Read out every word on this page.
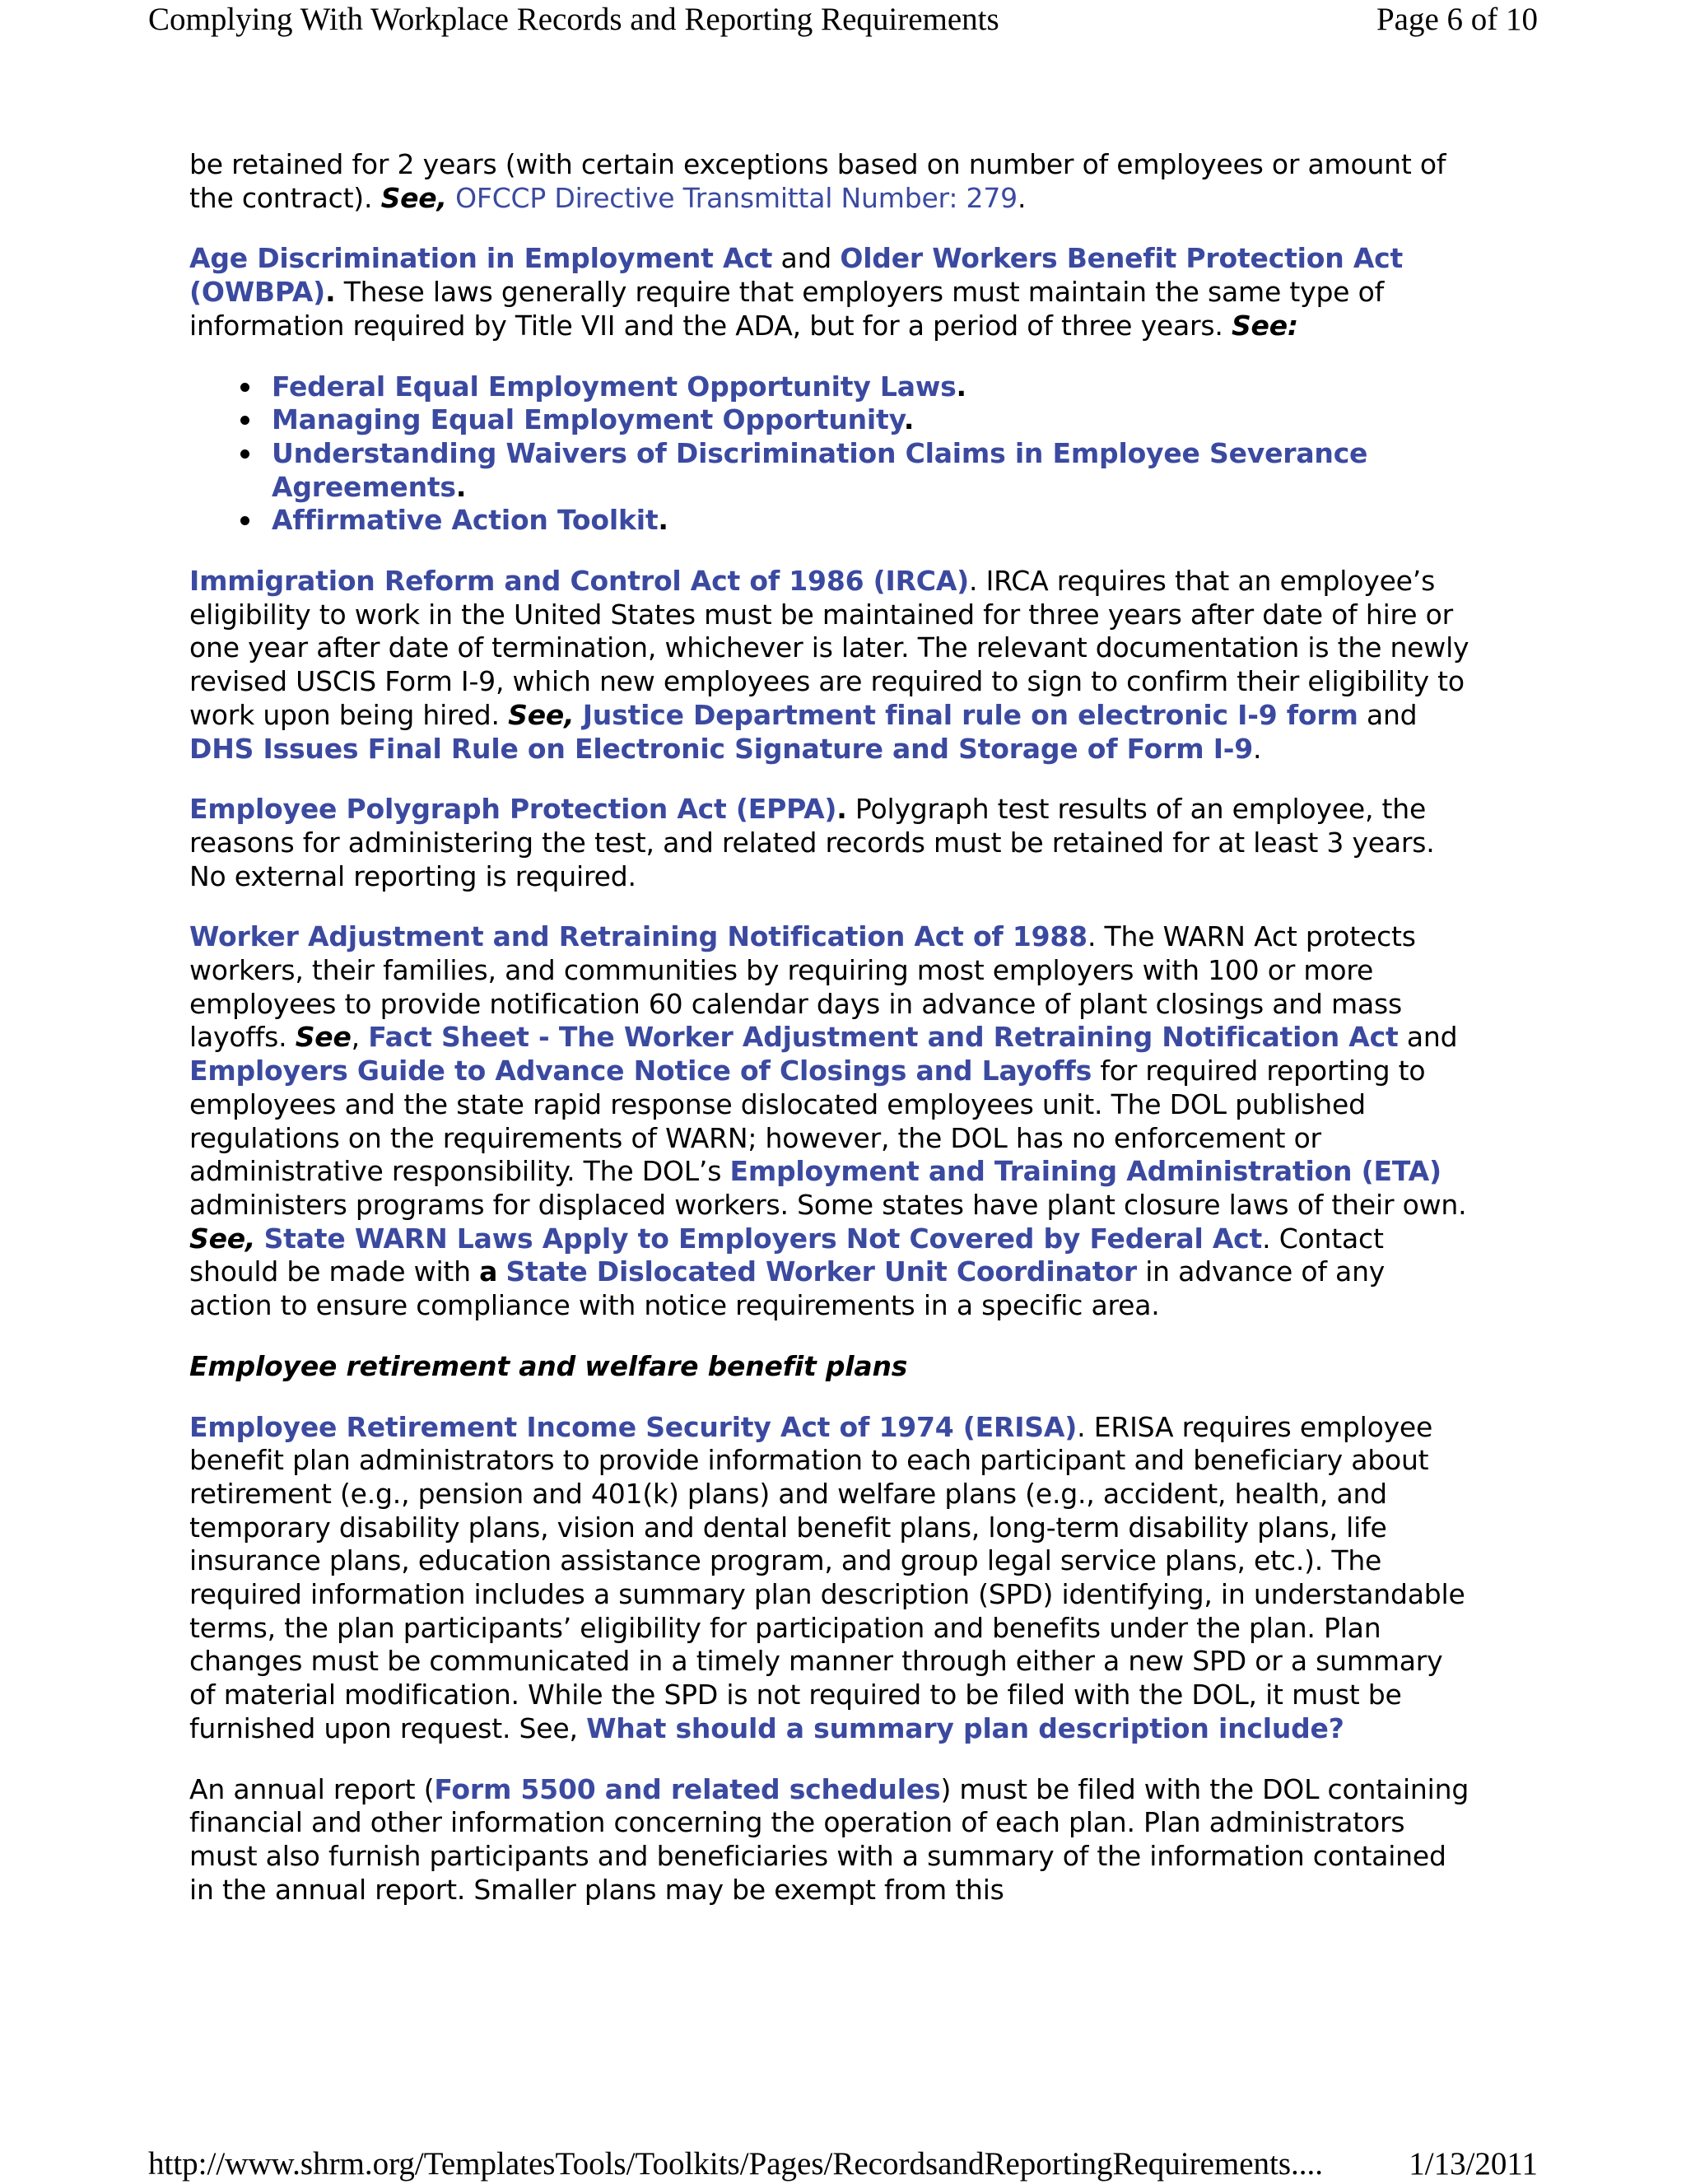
Complying With Workplace Records and Reporting Requirements	Page 6 of 10

be retained for 2 years (with certain exceptions based on number of employees or amount of the contract). See, OFCCP Directive Transmittal Number: 279.

Age Discrimination in Employment Act and Older Workers Benefit Protection Act (OWBPA). These laws generally require that employers must maintain the same type of information required by Title VII and the ADA, but for a period of three years. See:

Federal Equal Employment Opportunity Laws.
Managing Equal Employment Opportunity.
Understanding Waivers of Discrimination Claims in Employee Severance Agreements.
Affirmative Action Toolkit.

Immigration Reform and Control Act of 1986 (IRCA). IRCA requires that an employee’s eligibility to work in the United States must be maintained for three years after date of hire or one year after date of termination, whichever is later. The relevant documentation is the newly revised USCIS Form I-9, which new employees are required to sign to confirm their eligibility to work upon being hired. See, Justice Department final rule on electronic I-9 form and DHS Issues Final Rule on Electronic Signature and Storage of Form I-9.

Employee Polygraph Protection Act (EPPA). Polygraph test results of an employee, the reasons for administering the test, and related records must be retained for at least 3 years. No external reporting is required.

Worker Adjustment and Retraining Notification Act of 1988. The WARN Act protects workers, their families, and communities by requiring most employers with 100 or more employees to provide notification 60 calendar days in advance of plant closings and mass layoffs. See, Fact Sheet - The Worker Adjustment and Retraining Notification Act and Employers Guide to Advance Notice of Closings and Layoffs for required reporting to employees and the state rapid response dislocated employees unit. The DOL published regulations on the requirements of WARN; however, the DOL has no enforcement or administrative responsibility. The DOL’s Employment and Training Administration (ETA) administers programs for displaced workers. Some states have plant closure laws of their own. See, State WARN Laws Apply to Employers Not Covered by Federal Act. Contact should be made with a State Dislocated Worker Unit Coordinator in advance of any action to ensure compliance with notice requirements in a specific area.

Employee retirement and welfare benefit plans

Employee Retirement Income Security Act of 1974 (ERISA). ERISA requires employee benefit plan administrators to provide information to each participant and beneficiary about retirement (e.g., pension and 401(k) plans) and welfare plans (e.g., accident, health, and temporary disability plans, vision and dental benefit plans, long-term disability plans, life insurance plans, education assistance program, and group legal service plans, etc.). The required information includes a summary plan description (SPD) identifying, in understandable terms, the plan participants’ eligibility for participation and benefits under the plan. Plan changes must be communicated in a timely manner through either a new SPD or a summary of material modification. While the SPD is not required to be filed with the DOL, it must be furnished upon request. See, What should a summary plan description include?

An annual report (Form 5500 and related schedules) must be filed with the DOL containing financial and other information concerning the operation of each plan. Plan administrators must also furnish participants and beneficiaries with a summary of the information contained in the annual report. Smaller plans may be exempt from this

http://www.shrm.org/TemplatesTools/Toolkits/Pages/RecordsandReportingRequirements....	1/13/2011
